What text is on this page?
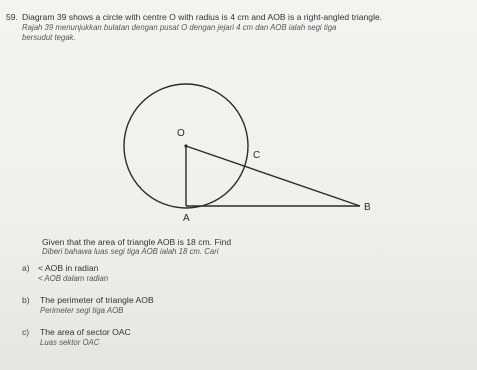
59. Diagram 39 shows a circle with centre O with radius is 4 cm and AOB is a right-angled triangle.
Rajah 39 menunjukkan bulatan dengan pusat O dengan jejari 4 cm dan AOB ialah segi tiga
bersudut tegak.
O
A
B
C
Given that the area of triangle AOB is 18 cm. Find
Diberi bahawa luas segi tiga AOB ialah 18 cm. Cari
a) < AOB in radian
< AOB dalam radian
b) The perimeter of triangle AOB
Perimeter segi tiga AOB
c) The area of sector OAC
Luas sektor OAC
